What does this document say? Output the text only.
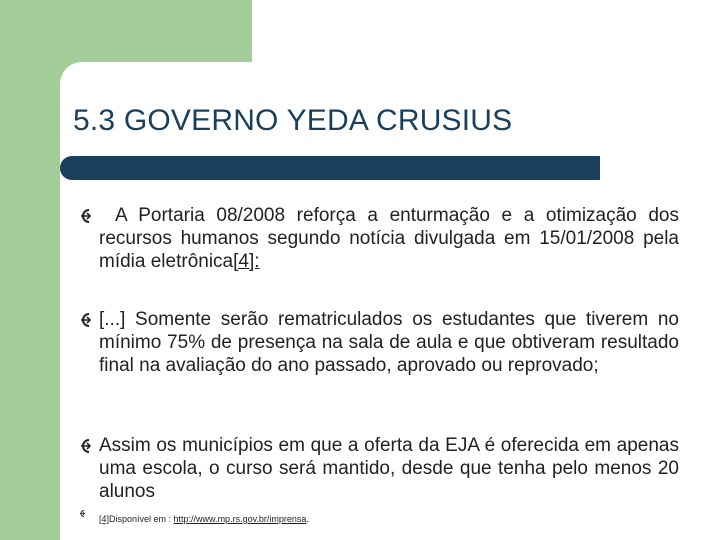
5.3 GOVERNO YEDA CRUSIUS

A Portaria 08/2008 reforça a enturmação e a otimização dos recursos humanos segundo notícia divulgada em 15/01/2008 pela mídia eletrônica[4]:

[...] Somente serão rematriculados os estudantes que tiverem no mínimo 75% de presença na sala de aula e que obtiveram resultado final na avaliação do ano passado, aprovado ou reprovado;

Assim os municípios em que a oferta da EJA é oferecida em apenas uma escola, o curso será mantido, desde que tenha pelo menos 20 alunos

[4]Disponível em : http://www.mp.rs.gov.br/imprensa.
